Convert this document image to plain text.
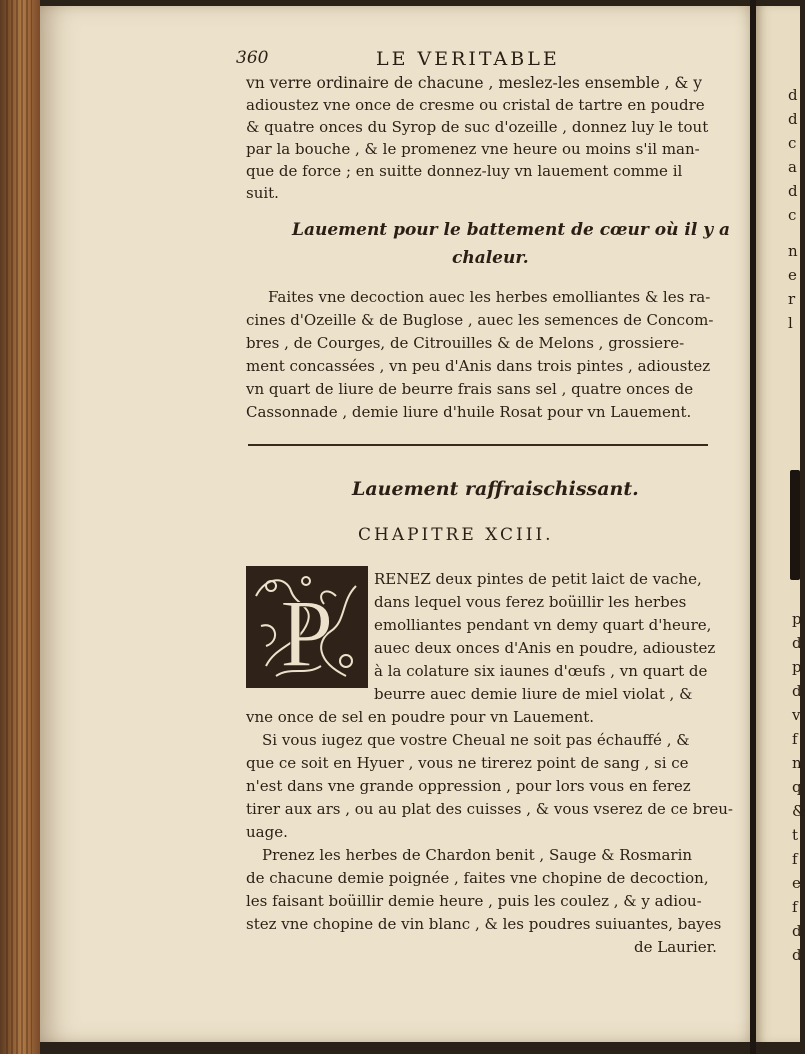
d
d
c
a
d
c
n
e
r
l
p
d
p
d
v
f
n
q
&
t
f
e
f
d
d
360	LE VERITABLE
vn verre ordinaire de chacune , meslez-les ensemble , & y
adioustez vne once de cresme ou cristal de tartre en poudre
& quatre onces du Syrop de suc d'ozeille , donnez luy le tout
par la bouche , & le promenez vne heure ou moins s'il man-
que de force ; en suitte donnez-luy vn lauement comme il
suit.
Lauement pour le battement de cœur où il y a
chaleur.
Faites vne decoction auec les herbes emolliantes & les ra-
cines d'Ozeille & de Buglose , auec les semences de Concom-
bres , de Courges, de Citrouilles & de Melons , grossiere-
ment concassées , vn peu d'Anis dans trois pintes , adioustez
vn quart de liure de beurre frais sans sel , quatre onces de
Cassonnade , demie liure d'huile Rosat pour vn Lauement.
Lauement raffraischissant.
CHAPITRE XCIII.
P
RENEZ deux pintes de petit laict de vache,
dans lequel vous ferez boüillir les herbes
emolliantes pendant vn demy quart d'heure,
auec deux onces d'Anis en poudre, adioustez
à la colature six iaunes d'œufs , vn quart de
beurre auec demie liure de miel violat , &
vne once de sel en poudre pour vn Lauement.
Si vous iugez que vostre Cheual ne soit pas échauffé , &
que ce soit en Hyuer , vous ne tirerez point de sang , si ce
n'est dans vne grande oppression , pour lors vous en ferez
tirer aux ars , ou au plat des cuisses , & vous vserez de ce breu-
uage.
Prenez les herbes de Chardon benit , Sauge & Rosmarin
de chacune demie poignée , faites vne chopine de decoction,
les faisant boüillir demie heure , puis les coulez , & y adiou-
stez vne chopine de vin blanc , & les poudres suiuantes, bayes
de Laurier.
